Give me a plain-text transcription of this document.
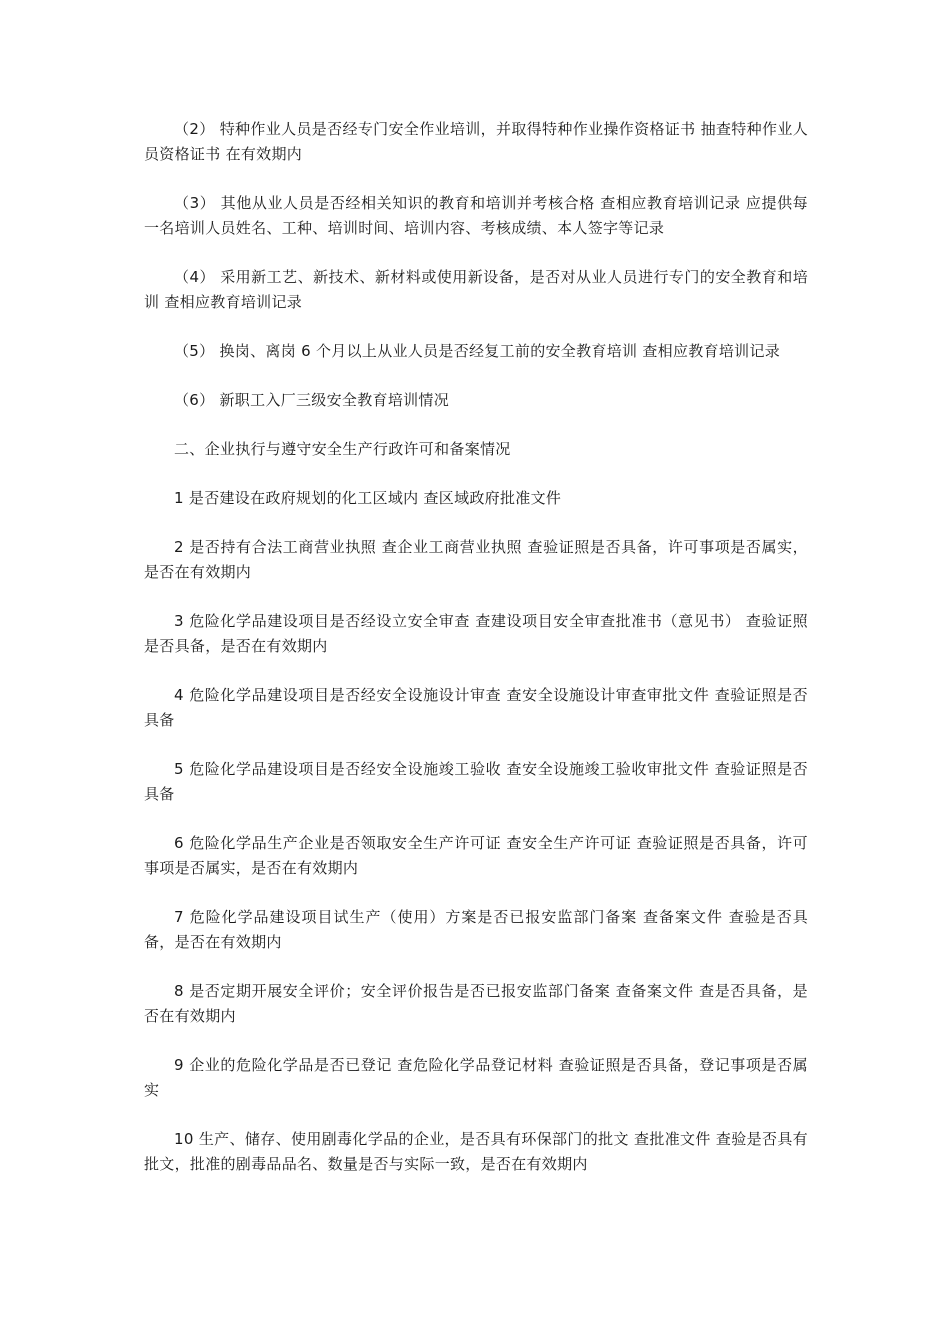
（2） 特种作业人员是否经专门安全作业培训，并取得特种作业操作资格证书 抽查特种作业人员资格证书 在有效期内

（3） 其他从业人员是否经相关知识的教育和培训并考核合格 查相应教育培训记录 应提供每一名培训人员姓名、工种、培训时间、培训内容、考核成绩、本人签字等记录

（4） 采用新工艺、新技术、新材料或使用新设备，是否对从业人员进行专门的安全教育和培训 查相应教育培训记录

（5） 换岗、离岗 6 个月以上从业人员是否经复工前的安全教育培训 查相应教育培训记录

（6） 新职工入厂三级安全教育培训情况

二、企业执行与遵守安全生产行政许可和备案情况

1 是否建设在政府规划的化工区域内 查区域政府批准文件

2 是否持有合法工商营业执照 查企业工商营业执照 查验证照是否具备，许可事项是否属实，是否在有效期内

3 危险化学品建设项目是否经设立安全审查 查建设项目安全审查批准书（意见书） 查验证照是否具备，是否在有效期内

4 危险化学品建设项目是否经安全设施设计审查 查安全设施设计审查审批文件 查验证照是否具备

5 危险化学品建设项目是否经安全设施竣工验收 查安全设施竣工验收审批文件 查验证照是否具备

6 危险化学品生产企业是否领取安全生产许可证 查安全生产许可证 查验证照是否具备，许可事项是否属实，是否在有效期内

7 危险化学品建设项目试生产（使用）方案是否已报安监部门备案 查备案文件 查验是否具备，是否在有效期内

8 是否定期开展安全评价；安全评价报告是否已报安监部门备案 查备案文件 查是否具备，是否在有效期内

9 企业的危险化学品是否已登记 查危险化学品登记材料 查验证照是否具备，登记事项是否属实

10 生产、储存、使用剧毒化学品的企业，是否具有环保部门的批文 查批准文件 查验是否具有批文，批准的剧毒品品名、数量是否与实际一致，是否在有效期内
